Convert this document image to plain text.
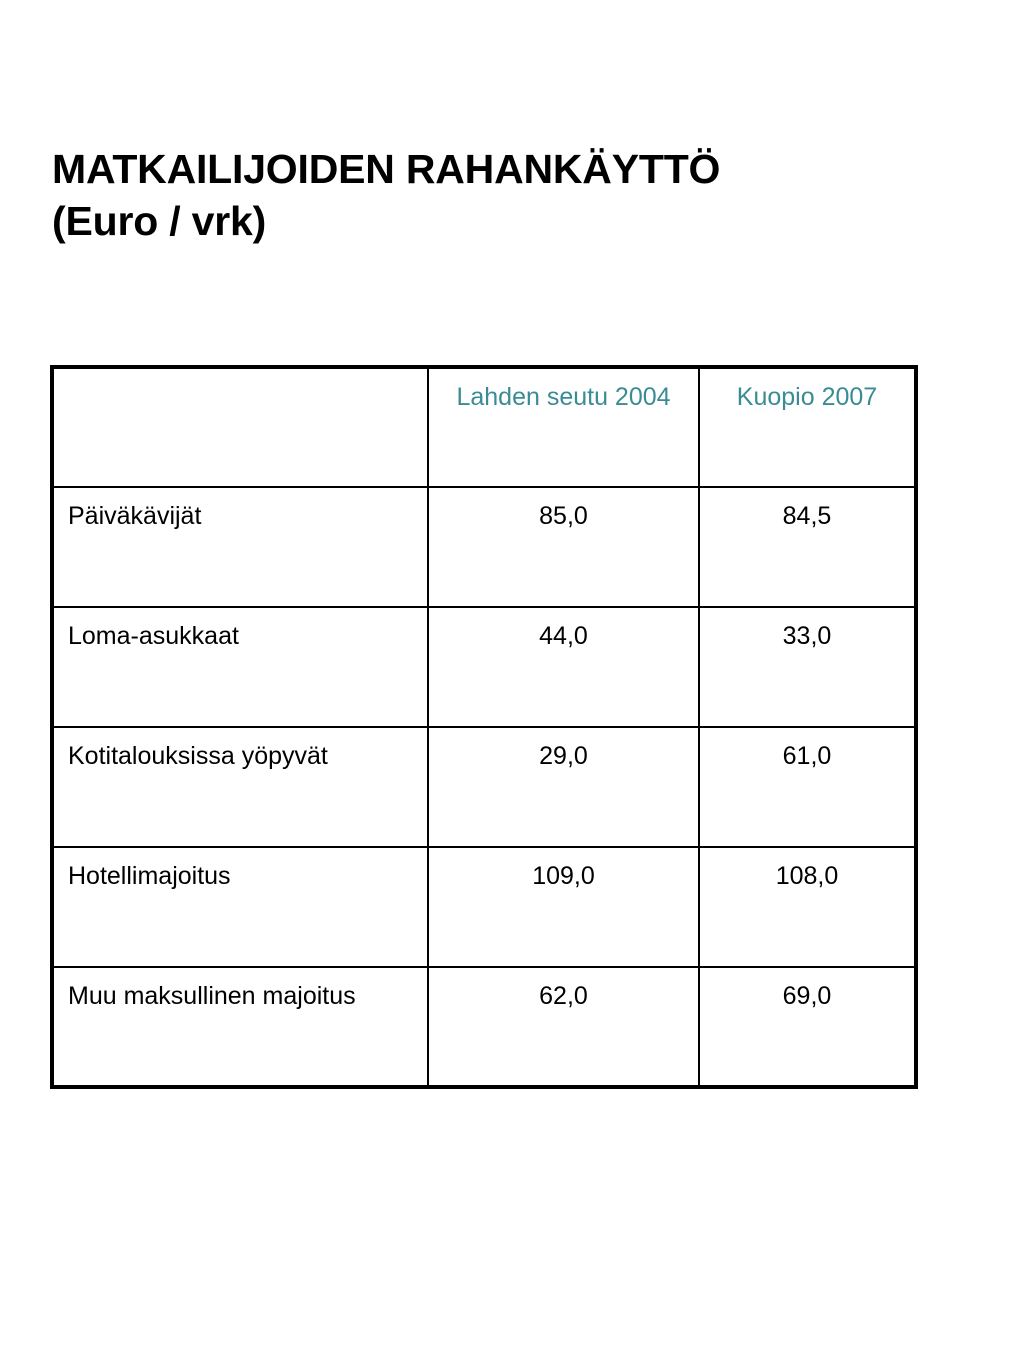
MATKAILIJOIDEN RAHANKÄYTTÖ
(Euro / vrk)
	Lahden seutu 2004	Kuopio 2007
Päiväkävijät	85,0	84,5
Loma-asukkaat	44,0	33,0
Kotitalouksissa yöpyvät	29,0	61,0
Hotellimajoitus	109,0	108,0
Muu maksullinen majoitus	62,0	69,0
